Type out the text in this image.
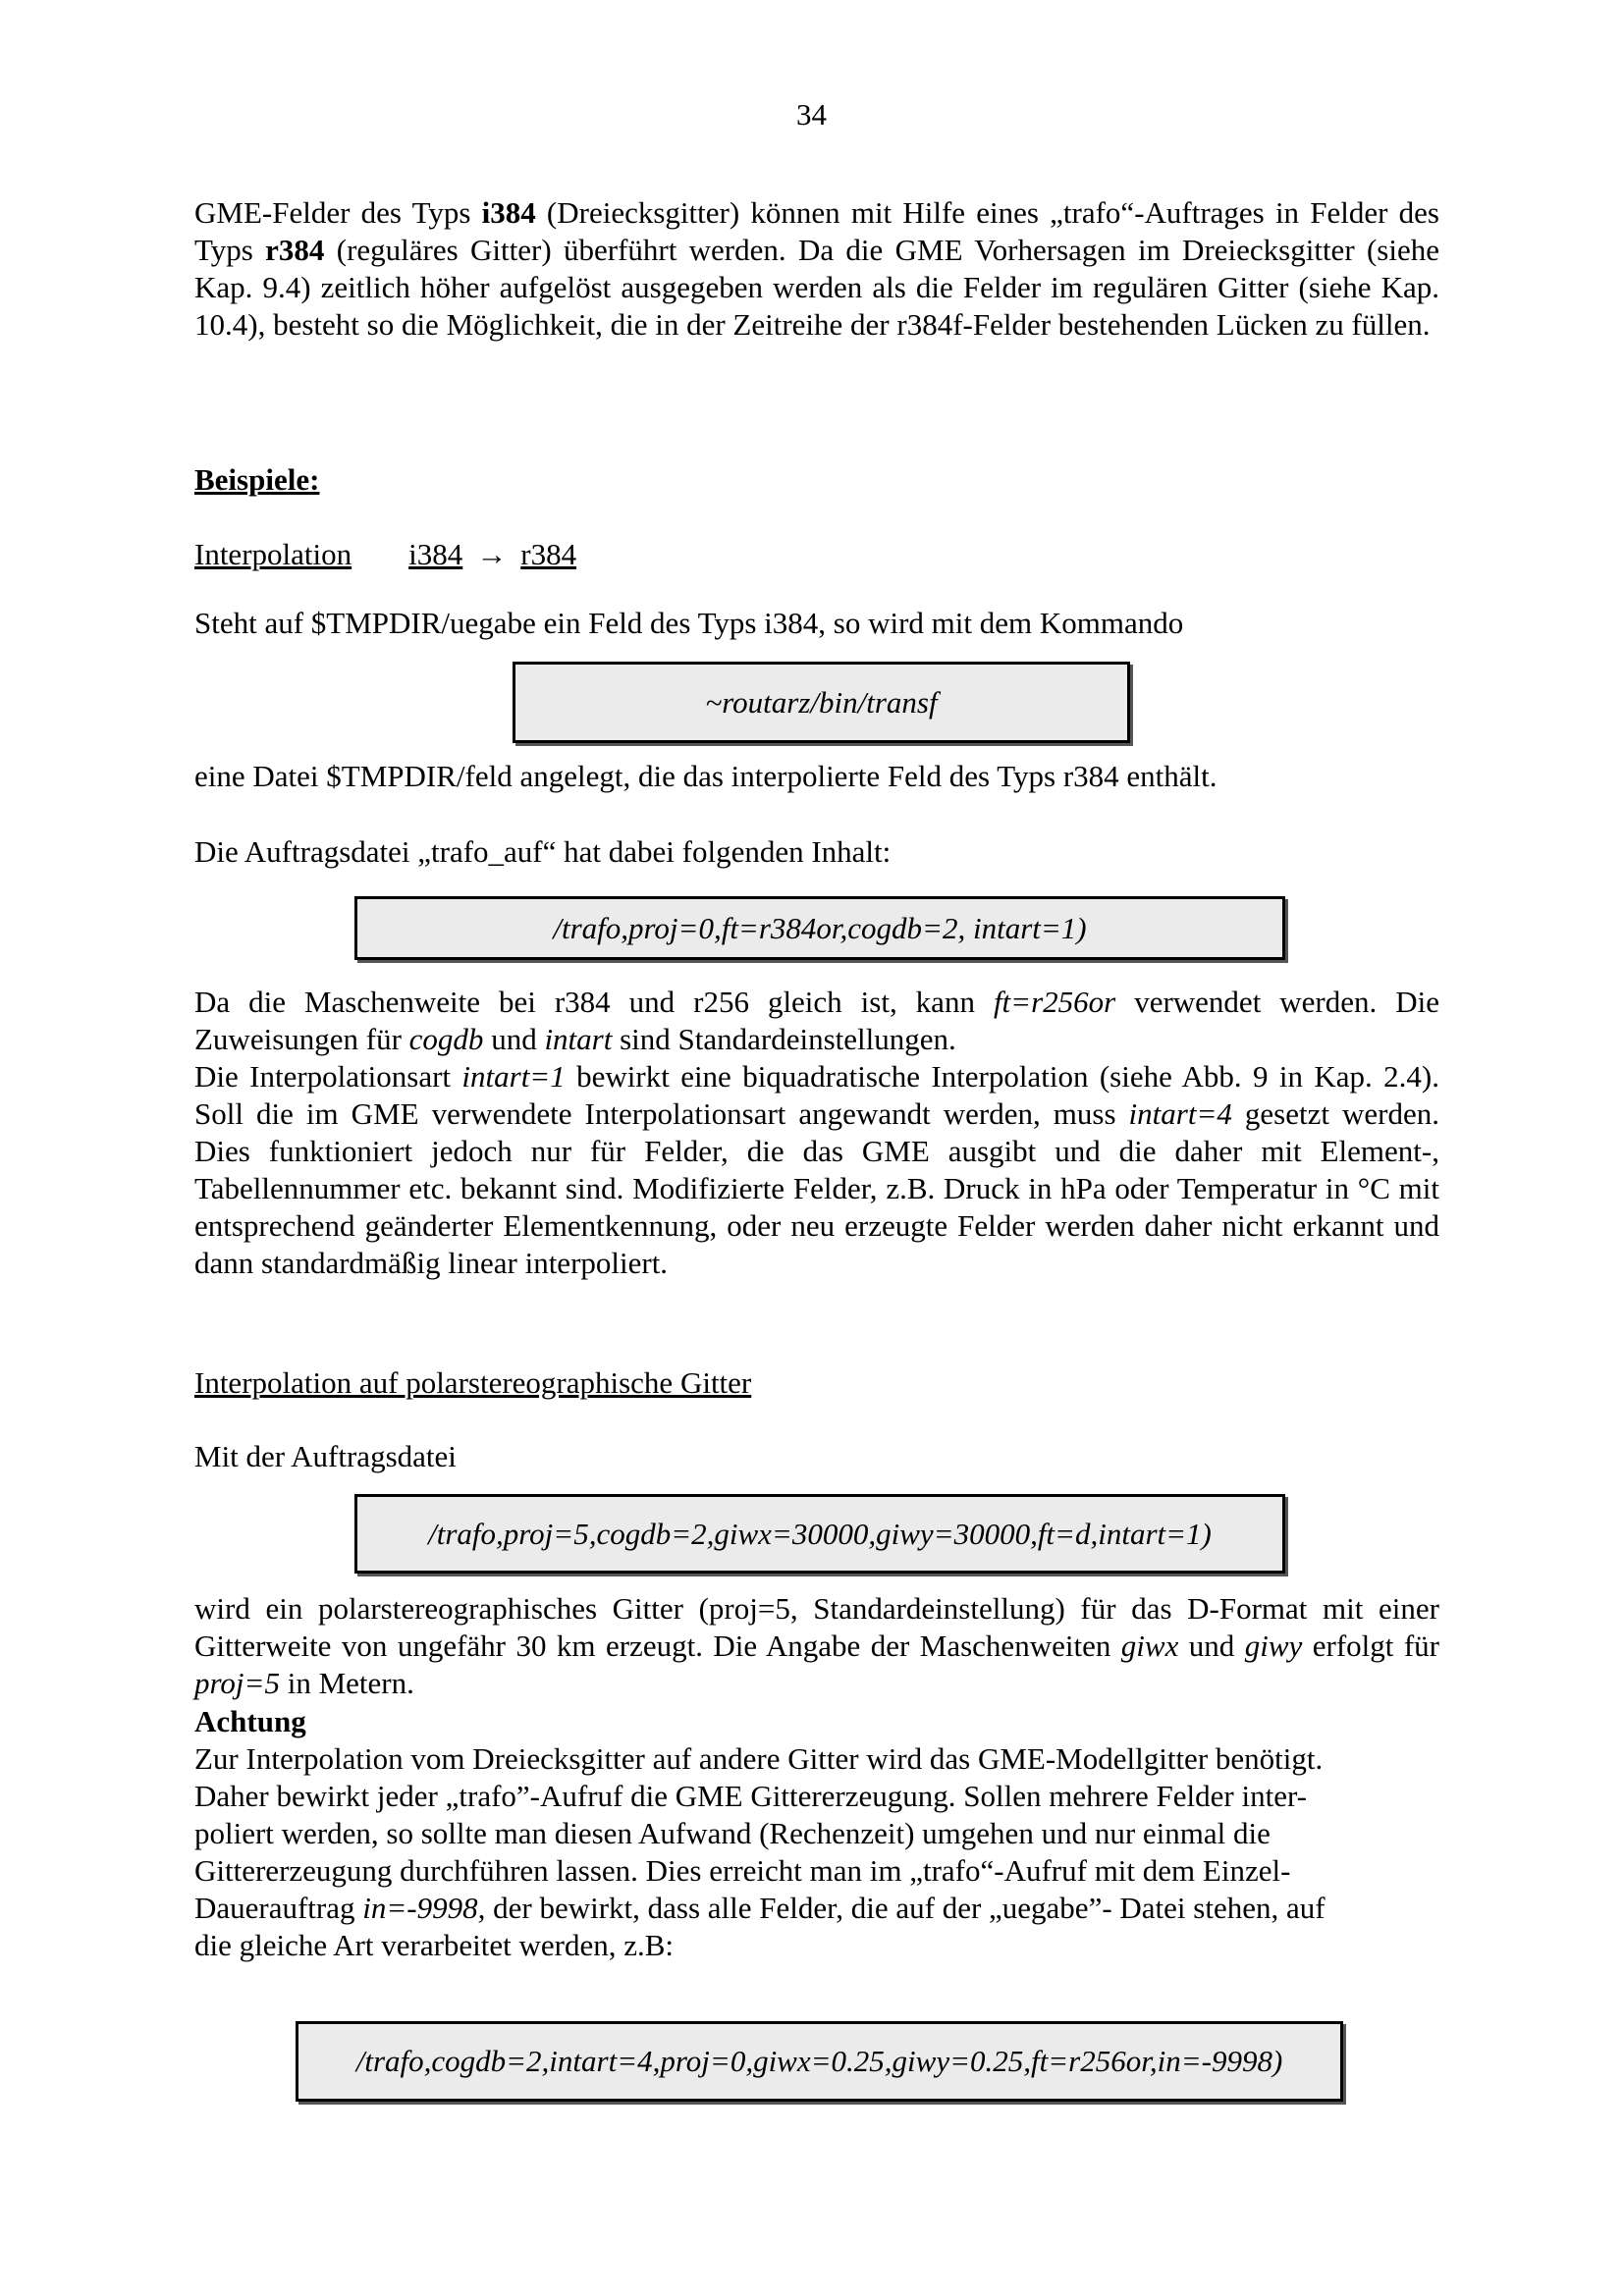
34

GME-Felder des Typs i384 (Dreiecksgitter) können mit Hilfe eines „trafo“-Auftrages in Felder des Typs r384 (reguläres Gitter) überführt werden. Da die GME Vorhersagen im Dreiecksgitter (siehe Kap. 9.4) zeitlich höher aufgelöst ausgegeben werden als die Felder im regulären Gitter (siehe Kap. 10.4), besteht so die Möglichkeit, die in der Zeitreihe der r384f-Felder bestehenden Lücken zu füllen.

Beispiele:

Interpolation i384 → r384

Steht auf $TMPDIR/uegabe ein Feld des Typs i384, so wird mit dem Kommando

~routarz/bin/transf

eine Datei $TMPDIR/feld angelegt, die das interpolierte Feld des Typs r384 enthält.

Die Auftragsdatei „trafo_auf“ hat dabei folgenden Inhalt:

/trafo,proj=0,ft=r384or,cogdb=2, intart=1)

Da die Maschenweite bei r384 und r256 gleich ist, kann ft=r256or verwendet werden. Die Zuweisungen für cogdb und intart sind Standardeinstellungen.

Die Interpolationsart intart=1 bewirkt eine biquadratische Interpolation (siehe Abb. 9 in Kap. 2.4). Soll die im GME verwendete Interpolationsart angewandt werden, muss intart=4 gesetzt werden. Dies funktioniert jedoch nur für Felder, die das GME ausgibt und die daher mit Element-, Tabellennummer etc. bekannt sind. Modifizierte Felder, z.B. Druck in hPa oder Temperatur in °C mit entsprechend geänderter Elementkennung, oder neu erzeugte Felder werden daher nicht erkannt und dann standardmäßig linear interpoliert.

Interpolation auf polarstereographische Gitter

Mit der Auftragsdatei

/trafo,proj=5,cogdb=2,giwx=30000,giwy=30000,ft=d,intart=1)

wird ein polarstereographisches Gitter (proj=5, Standardeinstellung) für das D-Format mit einer Gitterweite von ungefähr 30 km erzeugt. Die Angabe der Maschenweiten giwx und giwy erfolgt für proj=5 in Metern.

Achtung
Zur Interpolation vom Dreiecksgitter auf andere Gitter wird das GME-Modellgitter benötigt.
Daher bewirkt jeder „trafo”-Aufruf die GME Gittererzeugung. Sollen mehrere Felder inter-
poliert werden, so sollte man diesen Aufwand (Rechenzeit) umgehen und nur einmal die
Gittererzeugung durchführen lassen. Dies erreicht man im „trafo“-Aufruf mit dem Einzel-
Dauerauftrag in=-9998, der bewirkt, dass alle Felder, die auf der „uegabe”- Datei stehen, auf
die gleiche Art verarbeitet werden, z.B:

/trafo,cogdb=2,intart=4,proj=0,giwx=0.25,giwy=0.25,ft=r256or,in=-9998)
